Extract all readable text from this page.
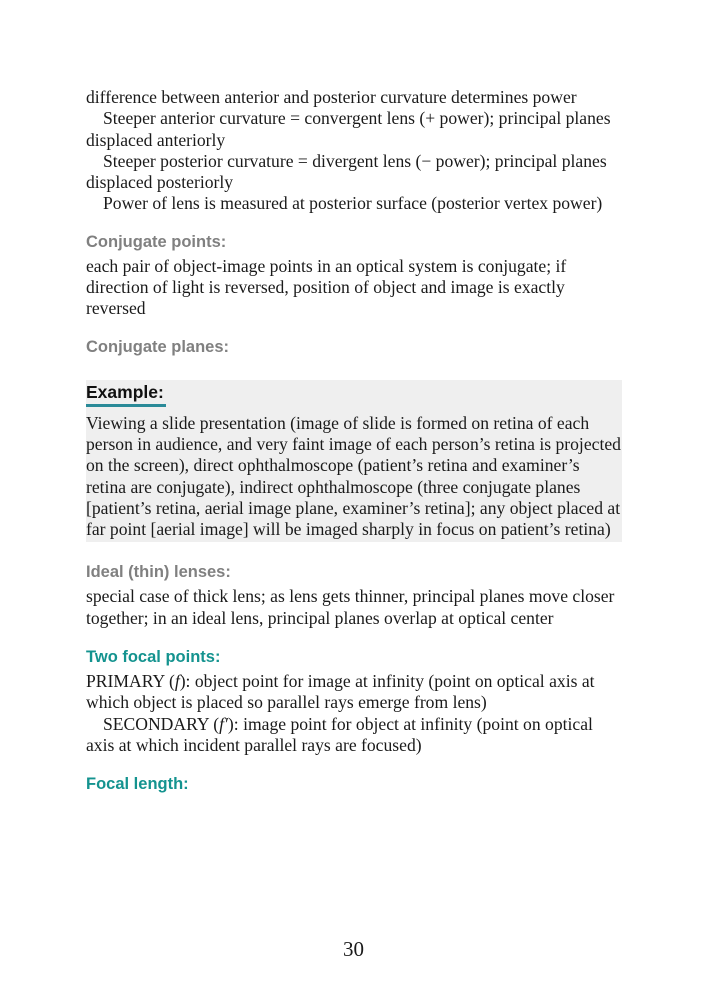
difference between anterior and posterior curvature determines power

Steeper anterior curvature = convergent lens (+ power); principal planes displaced anteriorly

Steeper posterior curvature = divergent lens (− power); principal planes displaced posteriorly

Power of lens is measured at posterior surface (posterior vertex power)

Conjugate points:

each pair of object-image points in an optical system is conjugate; if direction of light is reversed, position of object and image is exactly reversed

Conjugate planes:
Example:

Viewing a slide presentation (image of slide is formed on retina of each person in audience, and very faint image of each person’s retina is projected on the screen), direct ophthalmoscope (patient’s retina and examiner’s retina are conjugate), indirect ophthalmoscope (three conjugate planes [patient’s retina, aerial image plane, examiner’s retina]; any object placed at far point [aerial image] will be imaged sharply in focus on patient’s retina)

Ideal (thin) lenses:

special case of thick lens; as lens gets thinner, principal planes move closer together; in an ideal lens, principal planes overlap at optical center

Two focal points:

PRIMARY (f): object point for image at infinity (point on optical axis at which object is placed so parallel rays emerge from lens)

SECONDARY (f′): image point for object at infinity (point on optical axis at which incident parallel rays are focused)

Focal length:
30
